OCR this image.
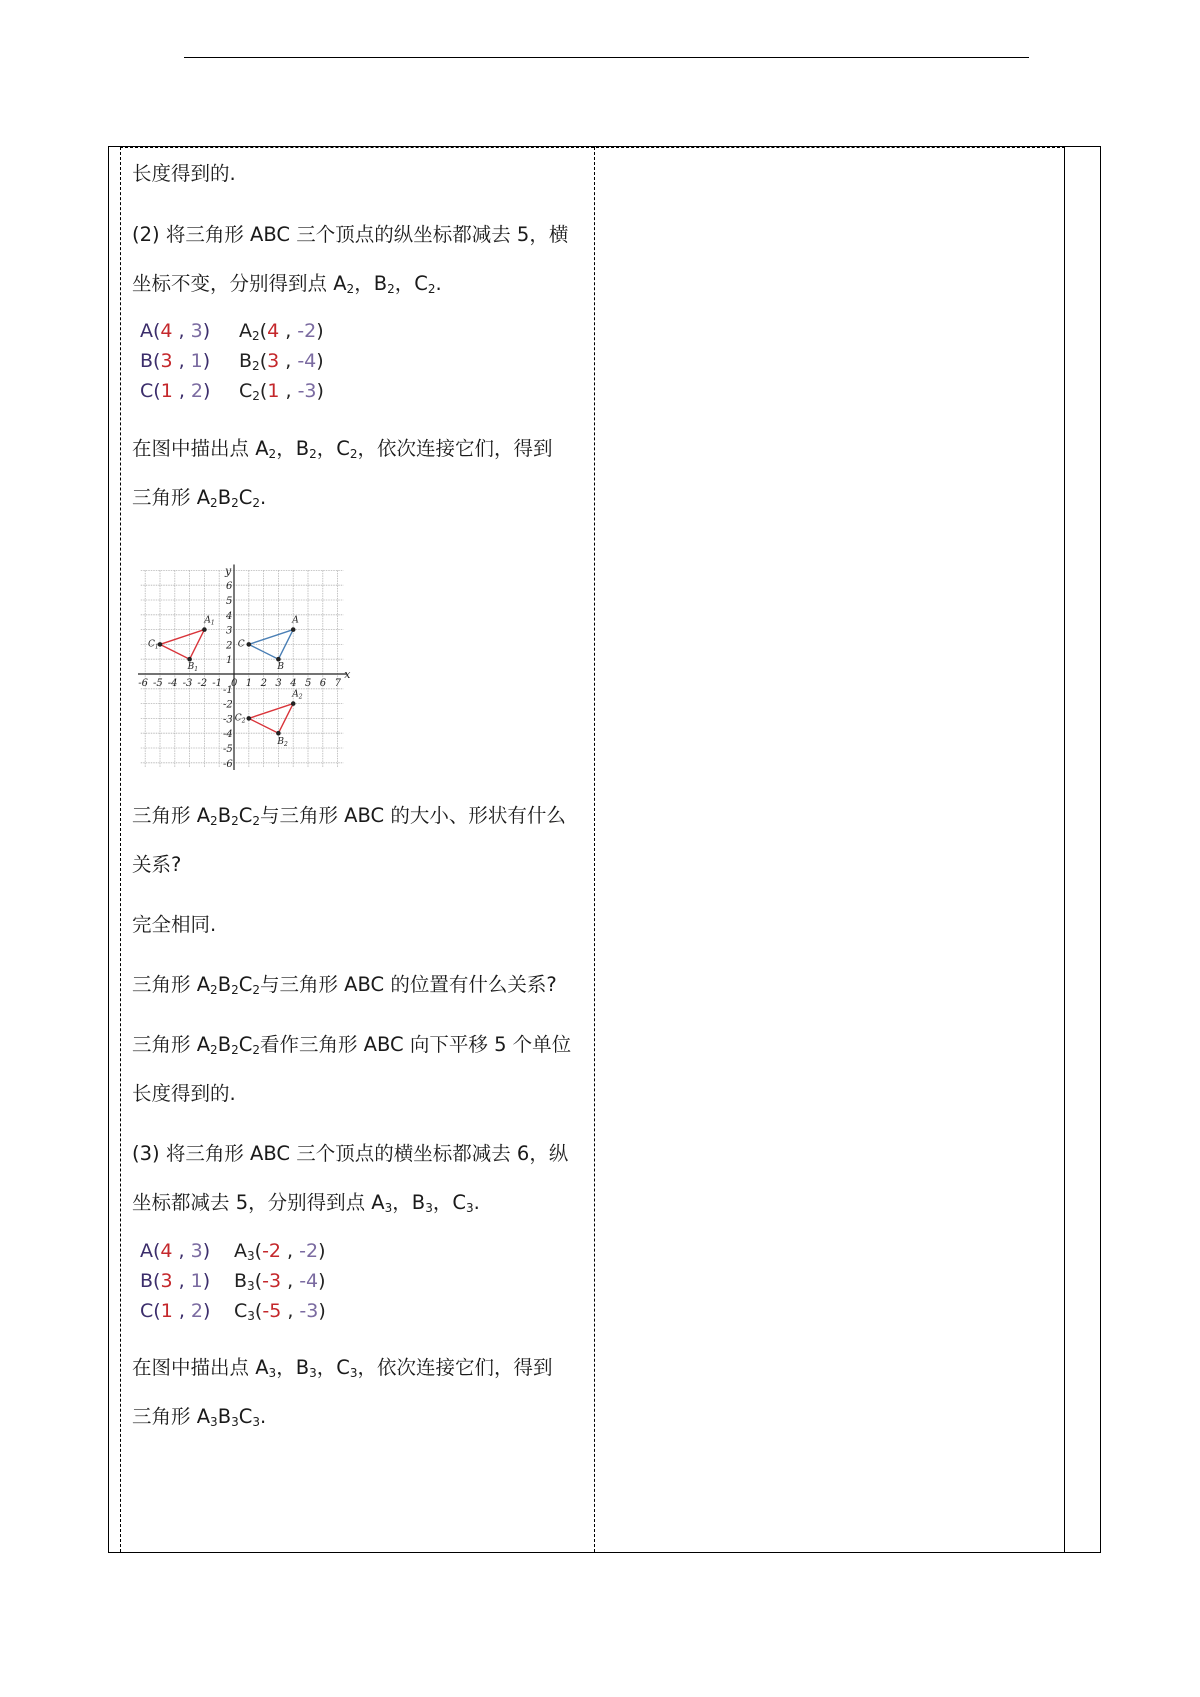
长度得到的.
(2) 将三角形 ABC 三个顶点的纵坐标都减去 5，横
坐标不变，分别得到点 $A_2$，$B_2$，$C_2$.
A(4 , 3) $A_2(4$ , -2)
B(3 , 1) $B_2(3$ , -4)
C(1 , 2) $C_2(1$ , -3)
在图中描出点 $A_2$，$B_2$，$C_2$，依次连接它们，得到
三角形 $A_2B_2C_2$.
x
y
-6 -5 -4 -3 -2 -1 0 1 2 3 4 5 6 7
6
5
4
3
2
1
-1
-2
-3
-4
-5
-6
A
B
C
$A_1$
$B_1$
$C_1$
$A_2$
$B_2$
$C_2$
三角形 $A_2B_2C_2$与三角形 ABC 的大小、形状有什么
关系?
完全相同.
三角形 $A_2B_2C_2$与三角形 ABC 的位置有什么关系?
三角形 $A_2B_2C_2$看作三角形 ABC 向下平移 5 个单位
长度得到的.
(3) 将三角形 ABC 三个顶点的横坐标都减去 6，纵
坐标都减去 5，分别得到点 $A_3$，$B_3$，$C_3$.
A(4 , 3) $A_3(-2$ , -2)
B(3 , 1) $B_3(-3$ , -4)
C(1 , 2) $C_3(-5$ , -3)
在图中描出点 $A_3$，$B_3$，$C_3$，依次连接它们，得到
三角形 $A_3B_3C_3$.
